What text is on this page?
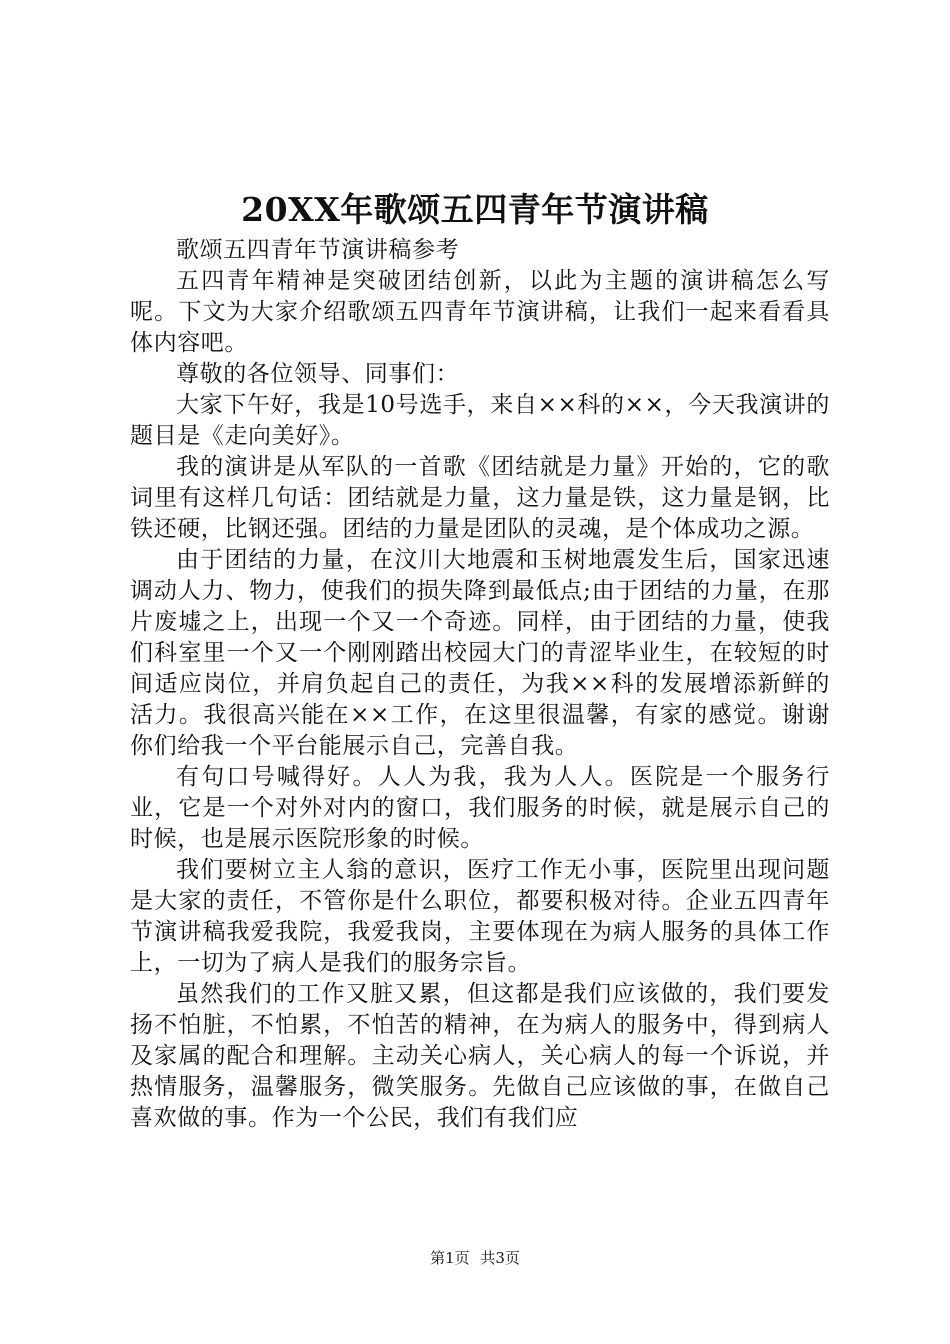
20XX年歌颂五四青年节演讲稿

歌颂五四青年节演讲稿参考

五四青年精神是突破团结创新，以此为主题的演讲稿怎么写呢。下文为大家介绍歌颂五四青年节演讲稿，让我们一起来看看具体内容吧。

尊敬的各位领导、同事们：

大家下午好，我是10号选手，来自××科的××，今天我演讲的题目是《走向美好》。

我的演讲是从军队的一首歌《团结就是力量》开始的，它的歌词里有这样几句话：团结就是力量，这力量是铁，这力量是钢，比铁还硬，比钢还强。团结的力量是团队的灵魂，是个体成功之源。

由于团结的力量，在汶川大地震和玉树地震发生后，国家迅速调动人力、物力，使我们的损失降到最低点;由于团结的力量，在那片废墟之上，出现一个又一个奇迹。同样，由于团结的力量，使我们科室里一个又一个刚刚踏出校园大门的青涩毕业生，在较短的时间适应岗位，并肩负起自己的责任，为我××科的发展增添新鲜的活力。我很高兴能在××工作，在这里很温馨，有家的感觉。谢谢你们给我一个平台能展示自己，完善自我。

有句口号喊得好。人人为我，我为人人。医院是一个服务行业，它是一个对外对内的窗口，我们服务的时候，就是展示自己的时候，也是展示医院形象的时候。

我们要树立主人翁的意识，医疗工作无小事，医院里出现问题是大家的责任，不管你是什么职位，都要积极对待。企业五四青年节演讲稿我爱我院，我爱我岗，主要体现在为病人服务的具体工作上，一切为了病人是我们的服务宗旨。

虽然我们的工作又脏又累，但这都是我们应该做的，我们要发扬不怕脏，不怕累，不怕苦的精神，在为病人的服务中，得到病人及家属的配合和理解。主动关心病人，关心病人的每一个诉说，并热情服务，温馨服务，微笑服务。先做自己应该做的事，在做自己喜欢做的事。作为一个公民，我们有我们应

第1页 共3页
